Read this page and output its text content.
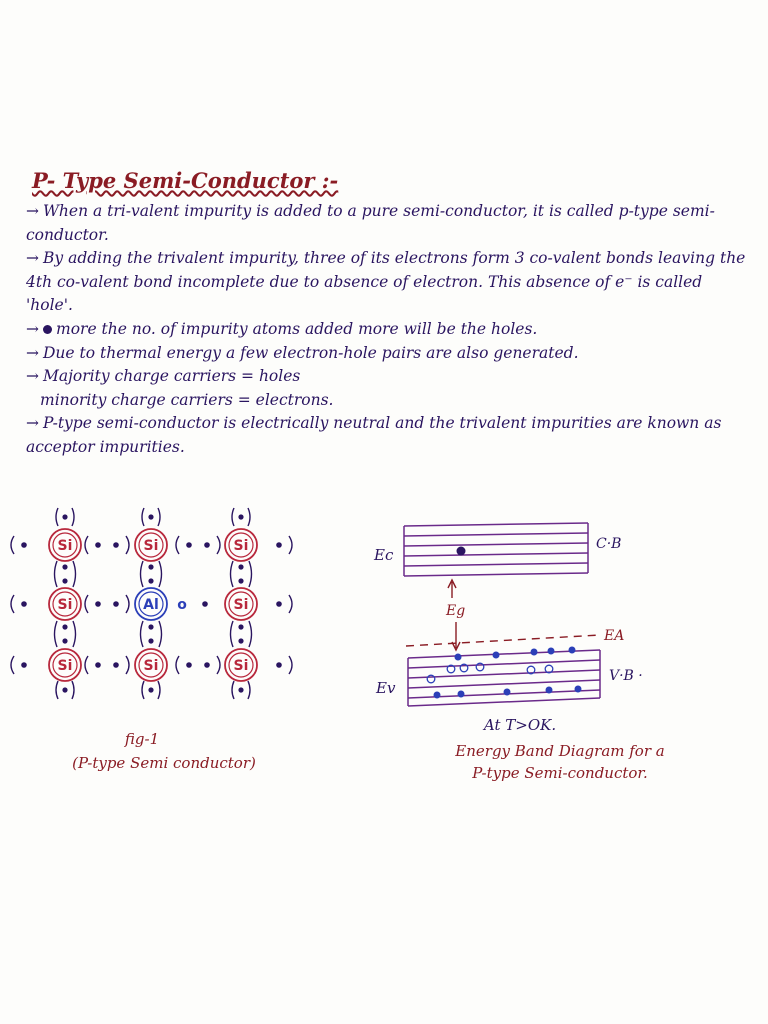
P- Type Semi-Conductor :-
→ When a tri-valent impurity is added to a pure semi-conductor, it is called p-type semi-conductor.
→ By adding the trivalent impurity, three of its electrons form 3 co-valent bonds leaving the 4th co-valent bond incomplete due to absence of electron. This absence of e⁻ is called 'hole'.
→ more the no. of impurity atoms added more will be the holes.
→ Due to thermal energy a few electron-hole pairs are also generated.
→ Majority charge carriers = holes
minority charge carriers = electrons.
→ P-type semi-conductor is electrically neutral and the trivalent impurities are known as acceptor impurities.
Si	Si	Si
Si	Al o	Si
Si	Si	Si
Ec
C·B
Eg
EA
Ev
V·B ·
fig-1
(P-type Semi conductor)
At T>OK.
Energy Band Diagram for a
P-type Semi-conductor.
